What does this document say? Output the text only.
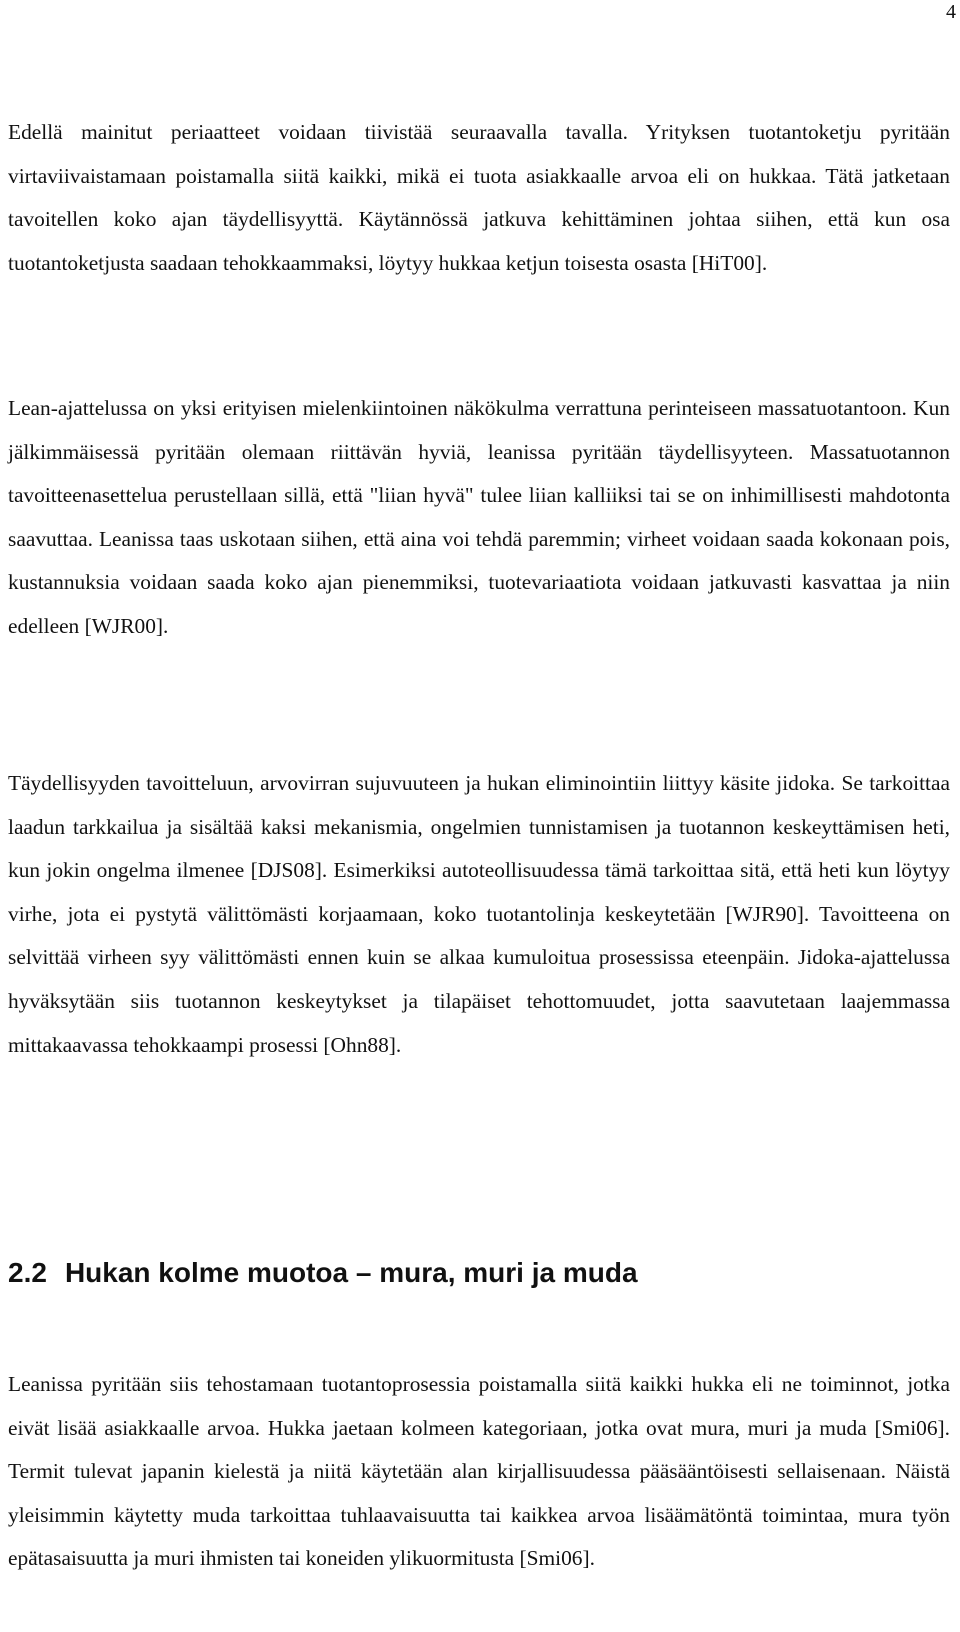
4

Edellä mainitut periaatteet voidaan tiivistää seuraavalla tavalla. Yrityksen tuotantoketju pyritään virtaviivaistamaan poistamalla siitä kaikki, mikä ei tuota asiakkaalle arvoa eli on hukkaa. Tätä jatketaan tavoitellen koko ajan täydellisyyttä. Käytännössä jatkuva kehittäminen johtaa siihen, että kun osa tuotantoketjusta saadaan tehokkaammaksi, löytyy hukkaa ketjun toisesta osasta [HiT00].

Lean-ajattelussa on yksi erityisen mielenkiintoinen näkökulma verrattuna perinteiseen massatuotantoon. Kun jälkimmäisessä pyritään olemaan riittävän hyviä, leanissa pyritään täydellisyyteen. Massatuotannon tavoitteenasettelua perustellaan sillä, että "liian hyvä" tulee liian kalliiksi tai se on inhimillisesti mahdotonta saavuttaa. Leanissa taas uskotaan siihen, että aina voi tehdä paremmin; virheet voidaan saada kokonaan pois, kustannuksia voidaan saada koko ajan pienemmiksi, tuotevariaatiota voidaan jatkuvasti kasvattaa ja niin edelleen [WJR00].

Täydellisyyden tavoitteluun, arvovirran sujuvuuteen ja hukan eliminointiin liittyy käsite jidoka. Se tarkoittaa laadun tarkkailua ja sisältää kaksi mekanismia, ongelmien tunnistamisen ja tuotannon keskeyttämisen heti, kun jokin ongelma ilmenee [DJS08]. Esimerkiksi autoteollisuudessa tämä tarkoittaa sitä, että heti kun löytyy virhe, jota ei pystytä välittömästi korjaamaan, koko tuotantolinja keskeytetään [WJR90]. Tavoitteena on selvittää virheen syy välittömästi ennen kuin se alkaa kumuloitua prosessissa eteenpäin. Jidoka-ajattelussa hyväksytään siis tuotannon keskeytykset ja tilapäiset tehottomuudet, jotta saavutetaan laajemmassa mittakaavassa tehokkaampi prosessi [Ohn88].

2.2 Hukan kolme muotoa – mura, muri ja muda

Leanissa pyritään siis tehostamaan tuotantoprosessia poistamalla siitä kaikki hukka eli ne toiminnot, jotka eivät lisää asiakkaalle arvoa. Hukka jaetaan kolmeen kategoriaan, jotka ovat mura, muri ja muda [Smi06]. Termit tulevat japanin kielestä ja niitä käytetään alan kirjallisuudessa pääsääntöisesti sellaisenaan. Näistä yleisimmin käytetty muda tarkoittaa tuhlaavaisuutta tai kaikkea arvoa lisäämätöntä toimintaa, mura työn epätasaisuutta ja muri ihmisten tai koneiden ylikuormitusta [Smi06].
